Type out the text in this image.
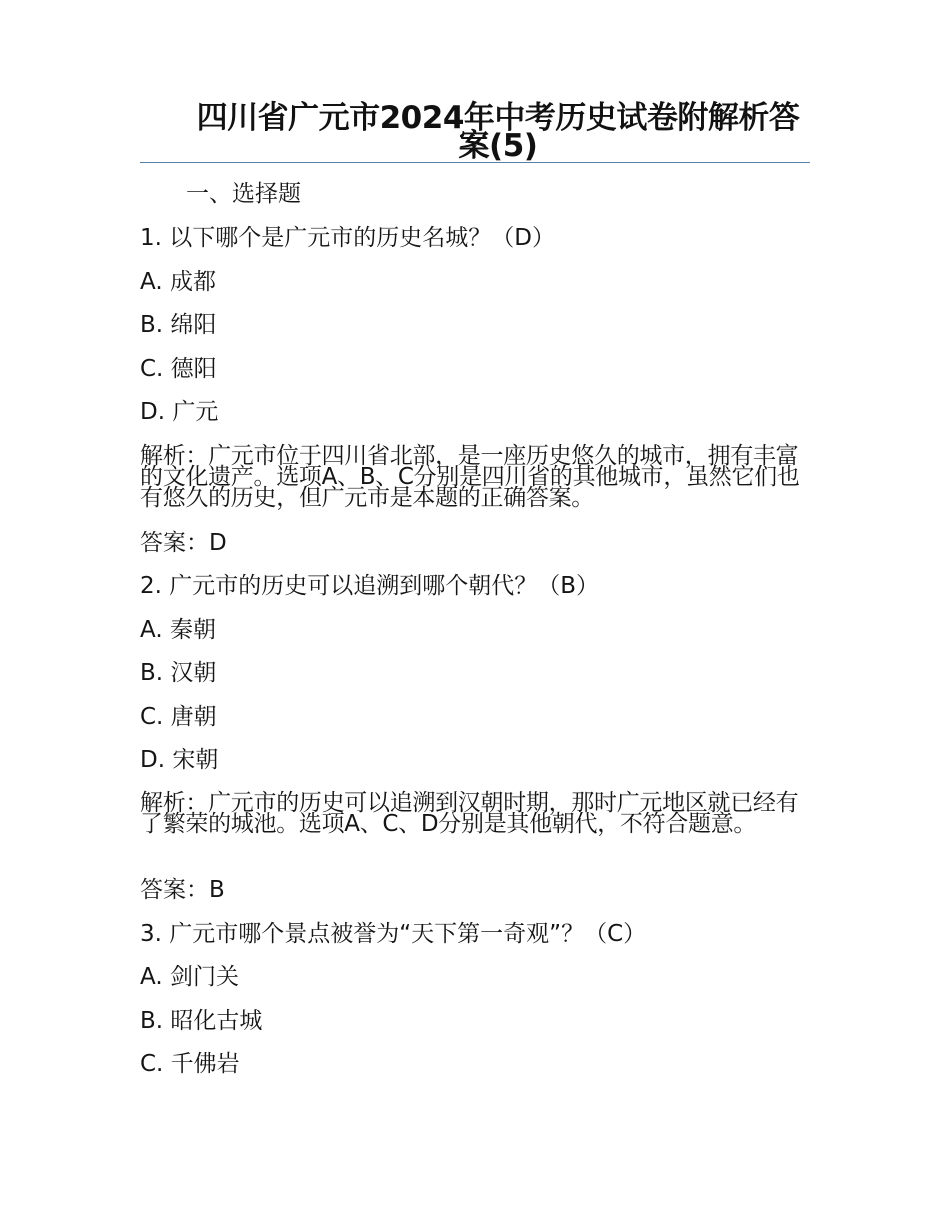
四川省广元市2024年中考历史试卷附解析答案(5)
一、选择题
1. 以下哪个是广元市的历史名城？（D）
A. 成都
B. 绵阳
C. 德阳
D. 广元
解析：广元市位于四川省北部，是一座历史悠久的城市，拥有丰富的文化遗产。选项A、B、C分别是四川省的其他城市，虽然它们也有悠久的历史，但广元市是本题的正确答案。
答案：D
2. 广元市的历史可以追溯到哪个朝代？（B）
A. 秦朝
B. 汉朝
C. 唐朝
D. 宋朝
解析：广元市的历史可以追溯到汉朝时期，那时广元地区就已经有了繁荣的城池。选项A、C、D分别是其他朝代，不符合题意。
答案：B
3. 广元市哪个景点被誉为“天下第一奇观”？（C）
A. 剑门关
B. 昭化古城
C. 千佛岩
